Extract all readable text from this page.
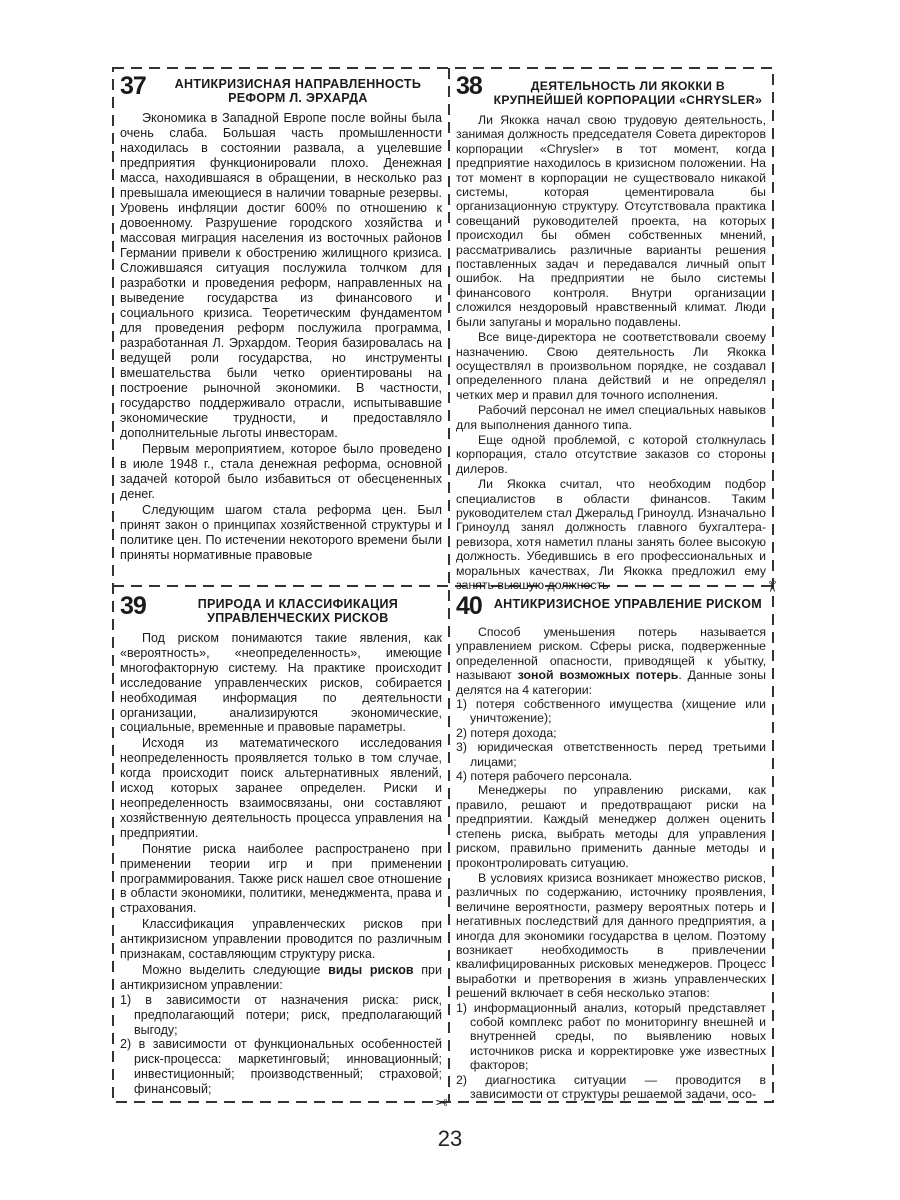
37	АНТИКРИЗИСНАЯ НАПРАВЛЕННОСТЬ РЕФОРМ Л. ЭРХАРДА

Экономика в Западной Европе после войны была очень слаба. Большая часть промышленности находилась в состоянии развала, а уцелевшие предприятия функционировали плохо. Денежная масса, находившаяся в обращении, в несколько раз превышала имеющиеся в наличии товарные резервы. Уровень инфляции достиг 600% по отношению к довоенному. Разрушение городского хозяйства и массовая миграция населения из восточных районов Германии привели к обострению жилищного кризиса. Сложившаяся ситуация послужила толчком для разработки и проведения реформ, направленных на выведение государства из финансового и социального кризиса. Теоретическим фундаментом для проведения реформ послужила программа, разработанная Л. Эрхардом. Теория базировалась на ведущей роли государства, но инструменты вмешательства были четко ориентированы на построение рыночной экономики. В частности, государство поддерживало отрасли, испытывавшие экономические трудности, и предоставляло дополнительные льготы инвесторам.

Первым мероприятием, которое было проведено в июле 1948 г., стала денежная реформа, основной задачей которой было избавиться от обесцененных денег.

Следующим шагом стала реформа цен. Был принят закон о принципах хозяйственной структуры и политике цен. По истечении некоторого времени были приняты нормативные правовые

38	ДЕЯТЕЛЬНОСТЬ ЛИ ЯКОККИ В КРУПНЕЙШЕЙ КОРПОРАЦИИ «CHRYSLER»

Ли Якокка начал свою трудовую деятельность, занимая должность председателя Совета директоров корпорации «Chrysler» в тот момент, когда предприятие находилось в кризисном положении. На тот момент в корпорации не существовало никакой системы, которая цементировала бы организационную структуру. Отсутствовала практика совещаний руководителей проекта, на которых происходил бы обмен собственных мнений, рассматривались различные варианты решения поставленных задач и передавался личный опыт ошибок. На предприятии не было системы финансового контроля. Внутри организации сложился нездоровый нравственный климат. Люди были запуганы и морально подавлены.

Все вице-директора не соответствовали своему назначению. Свою деятельность Ли Якокка осуществлял в произвольном порядке, не создавал определенного плана действий и не определял четких мер и правил для точного исполнения.

Рабочий персонал не имел специальных навыков для выполнения данного типа.

Еще одной проблемой, с которой столкнулась корпорация, стало отсутствие заказов со стороны дилеров.

Ли Якокка считал, что необходим подбор специалистов в области финансов. Таким руководителем стал Джеральд Гриноулд. Изначально Гриноулд занял должность главного бухгалтера-ревизора, хотя наметил планы занять более высокую должность. Убедившись в его профессиональных и моральных качествах, Ли Якокка предложил ему занять высшую должность

39	ПРИРОДА И КЛАССИФИКАЦИЯ УПРАВЛЕНЧЕСКИХ РИСКОВ

Под риском понимаются такие явления, как «вероятность», «неопределенность», имеющие многофакторную систему. На практике происходит исследование управленческих рисков, собирается необходимая информация по деятельности организации, анализируются экономические, социальные, временные и правовые параметры.

Исходя из математического исследования неопределенность проявляется только в том случае, когда происходит поиск альтернативных явлений, исход которых заранее определен. Риски и неопределенность взаимосвязаны, они составляют хозяйственную деятельность процесса управления на предприятии.

Понятие риска наиболее распространено при применении теории игр и при применении программирования. Также риск нашел свое отношение в области экономики, политики, менеджмента, права и страхования.

Классификация управленческих рисков при антикризисном управлении проводится по различным признакам, составляющим структуру риска.

Можно выделить следующие виды рисков при антикризисном управлении:

1) в зависимости от назначения риска: риск, предполагающий потери; риск, предполагающий выгоду;
2) в зависимости от функциональных особенностей риск-процесса: маркетинговый; инновационный; инвестиционный; производственный; страховой; финансовый;
40 АНТИКРИЗИСНОЕ УПРАВЛЕНИЕ РИСКОМ

Способ уменьшения потерь называется управлением риском. Сферы риска, подверженные определенной опасности, приводящей к убытку, называют зоной возможных потерь. Данные зоны делятся на 4 категории:

1) потеря собственного имущества (хищение или уничтожение);
2) потеря дохода;
3) юридическая ответственность перед третьими лицами;
4) потеря рабочего персонала.

Менеджеры по управлению рисками, как правило, решают и предотвращают риски на предприятии. Каждый менеджер должен оценить степень риска, выбрать методы для управления риском, правильно применить данные методы и проконтролировать ситуацию.

В условиях кризиса возникает множество рисков, различных по содержанию, источнику проявления, величине вероятности, размеру вероятных потерь и негативных последствий для данного предприятия, а иногда для экономики государства в целом. Поэтому возникает необходимость в привлечении квалифицированных рисковых менеджеров. Процесс выработки и претворения в жизнь управленческих решений включает в себя несколько этапов:

1) информационный анализ, который представляет собой комплекс работ по мониторингу внешней и внутренней среды, по выявлению новых источников риска и корректировке уже известных факторов;
2) диагностика ситуации — проводится в зависимости от структуры решаемой задачи, осо-
✂
✂
23
